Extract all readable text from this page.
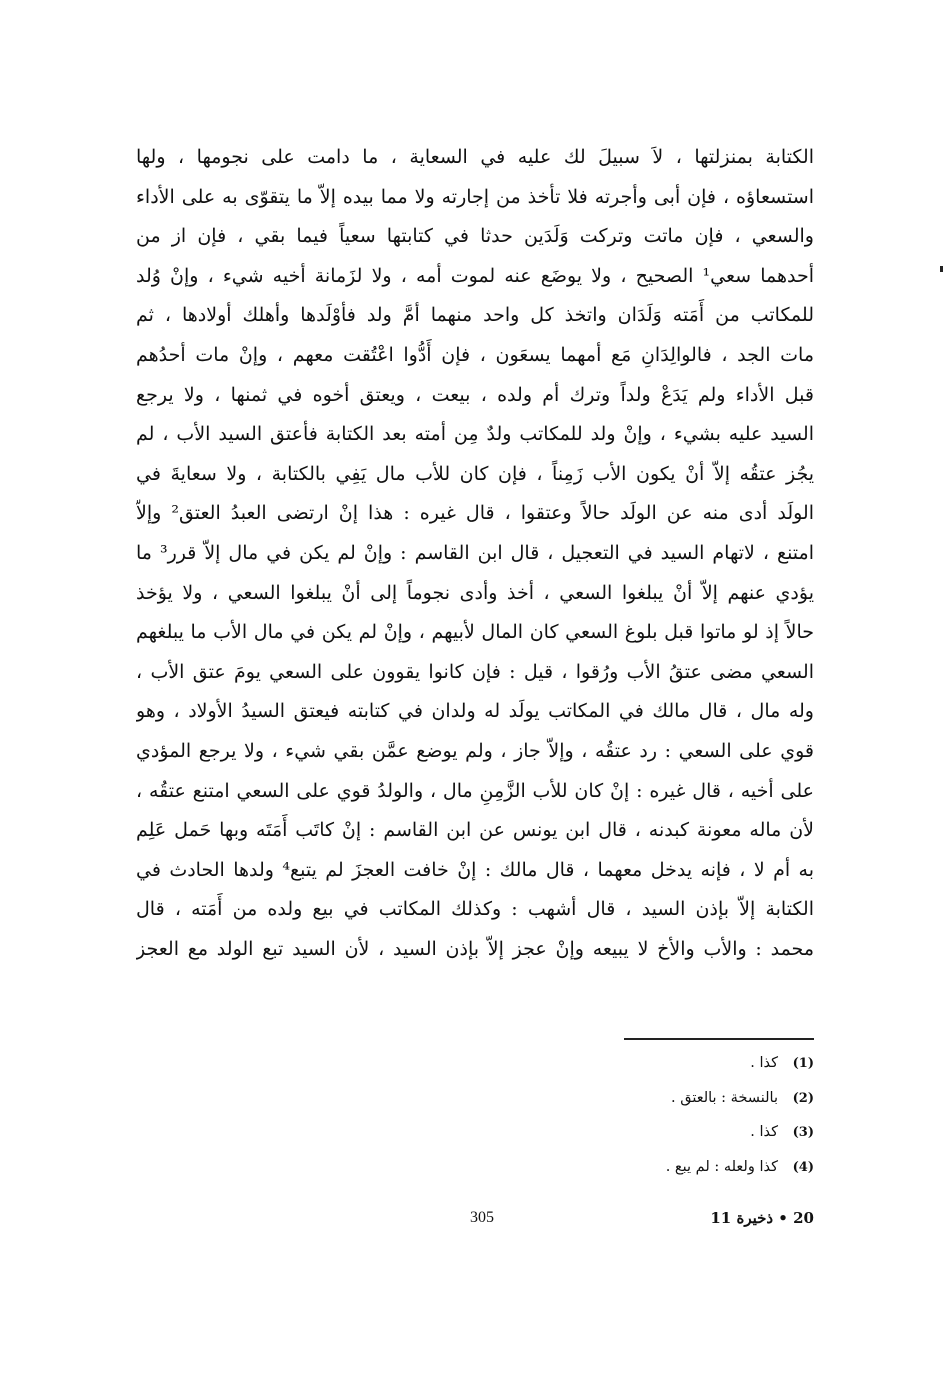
الكتابة بمنزلتها ، لاَ سبيلَ لك عليه في السعاية ، ما دامت على نجومها ، ولها
استسعاؤه ، فإن أبى وأجرته فلا تأخذ من إجارته ولا مما بيده إلاّ ما يتقوّى به على الأداء
والسعي ، فإن ماتت وتركت وَلَدَين حدثا في كتابتها سعياً فيما بقي ، فإن از من
أحدهما سعي¹ الصحيح ، ولا يوضَع عنه لموت أمه ، ولا لزَمانة أخيه شيء ، وإنْ وُلد
للمكاتب من أَمَته وَلَدَان واتخذ كل واحد منهما أمَّ ولد فأوْلَدها وأهلك أولادها ، ثم
مات الجد ، فالوالِدَانِ مَع أمهما يسعَون ، فإن أَدُّوا اعْتُقت معهم ، وإنْ مات أحدُهم
قبل الأداء ولم يَدَعْ ولداً وترك أم ولده ، بيعت ، ويعتق أخوه في ثمنها ، ولا يرجع
السيد عليه بشيء ، وإنْ ولد للمكاتب ولدٌ مِن أمته بعد الكتابة فأعتق السيد الأب ، لم
يجُز عتقُه إلاّ أنْ يكون الأب زَمِناً ، فإن كان للأب مال يَفِي بالكتابة ، ولا سعايةَ في
الولَد أدى منه عن الولَد حالاً وعتقوا ، قال غيره : هذا إنْ ارتضى العبدُ العتق² وإلاّ
امتنع ، لاتهام السيد في التعجيل ، قال ابن القاسم : وإنْ لم يكن في مال إلاّ قرر³ ما
يؤدي عنهم إلاّ أنْ يبلغوا السعي ، أخذ وأدى نجوماً إلى أنْ يبلغوا السعي ، ولا يؤخذ
حالاً إذ لو ماتوا قبل بلوغ السعي كان المال لأبيهم ، وإنْ لم يكن في مال الأب ما يبلغهم
السعي مضى عتقُ الأب ورُقوا ، قيل : فإن كانوا يقوون على السعي يومَ عتق الأب ،
وله مال ، قال مالك في المكاتب يولَد له ولدان في كتابته فيعتق السيدُ الأولاد ، وهو
قوي على السعي : رد عتقُه ، وإلاّ جاز ، ولم يوضع عمَّن بقي شيء ، ولا يرجع المؤدي
على أخيه ، قال غيره : إنْ كان للأب الزَّمِنِ مال ، والولدُ قوي على السعي امتنع عتقُه ،
لأن ماله معونة كبدنه ، قال ابن يونس عن ابن القاسم : إنْ كاتَب أَمَتَه وبها حَمل عَلِم
به أم لا ، فإنه يدخل معهما ، قال مالك : إنْ خافت العجزَ لم يتبع⁴ ولدها الحادث في
الكتابة إلاّ بإذن السيد ، قال أشهب : وكذلك المكاتب في بيع ولده من أَمَته ، قال
محمد : والأب والأخ لا يبيعه وإنْ عجز إلاّ بإذن السيد ، لأن السيد تبع الولد مع العجز
(1)كذا .
(2)بالنسخة : بالعتق .
(3)كذا .
(4)كذا ولعله : لم يبع .
305	20 • ذخيرة 11
